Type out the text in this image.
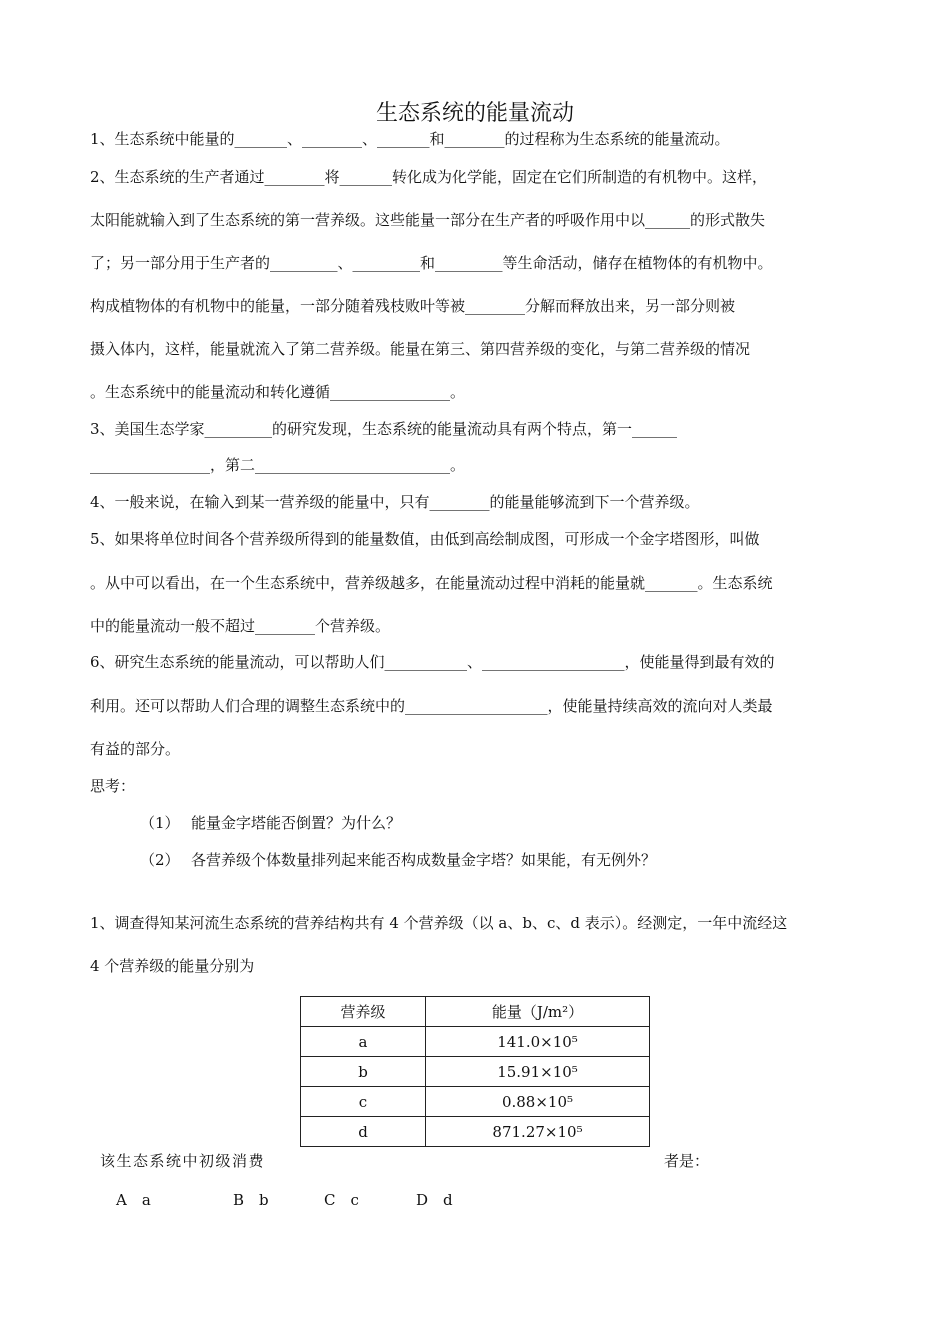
生态系统的能量流动
1、生态系统中能量的_______、________、_______和________的过程称为生态系统的能量流动。
2、生态系统的生产者通过________将_______转化成为化学能，固定在它们所制造的有机物中。这样，
太阳能就输入到了生态系统的第一营养级。这些能量一部分在生产者的呼吸作用中以______的形式散失
了；另一部分用于生产者的_________、_________和_________等生命活动，储存在植物体的有机物中。
构成植物体的有机物中的能量，一部分随着残枝败叶等被________分解而释放出来，另一部分则被
摄入体内，这样，能量就流入了第二营养级。能量在第三、第四营养级的变化，与第二营养级的情况
。生态系统中的能量流动和转化遵循________________。
3、美国生态学家_________的研究发现，生态系统的能量流动具有两个特点，第一______
________________，第二__________________________。
4、一般来说，在输入到某一营养级的能量中，只有________的能量能够流到下一个营养级。
5、如果将单位时间各个营养级所得到的能量数值，由低到高绘制成图，可形成一个金字塔图形，叫做
。从中可以看出，在一个生态系统中，营养级越多，在能量流动过程中消耗的能量就_______。生态系统
中的能量流动一般不超过________个营养级。
6、研究生态系统的能量流动，可以帮助人们___________、___________________，使能量得到最有效的
利用。还可以帮助人们合理的调整生态系统中的___________________，使能量持续高效的流向对人类最
有益的部分。
思考：
（1） 能量金字塔能否倒置？为什么？
（2） 各营养级个体数量排列起来能否构成数量金字塔？如果能，有无例外？
1、调查得知某河流生态系统的营养结构共有 4 个营养级（以 a、b、c、d 表示）。经测定，一年中流经这
4 个营养级的能量分别为
营养级	能量（J/m²）
a	141.0×10⁵
b	15.91×10⁵
c	0.88×10⁵
d	871.27×10⁵
该生态系统中初级消费	者是：
A　a	B　b	C　c	D　d
